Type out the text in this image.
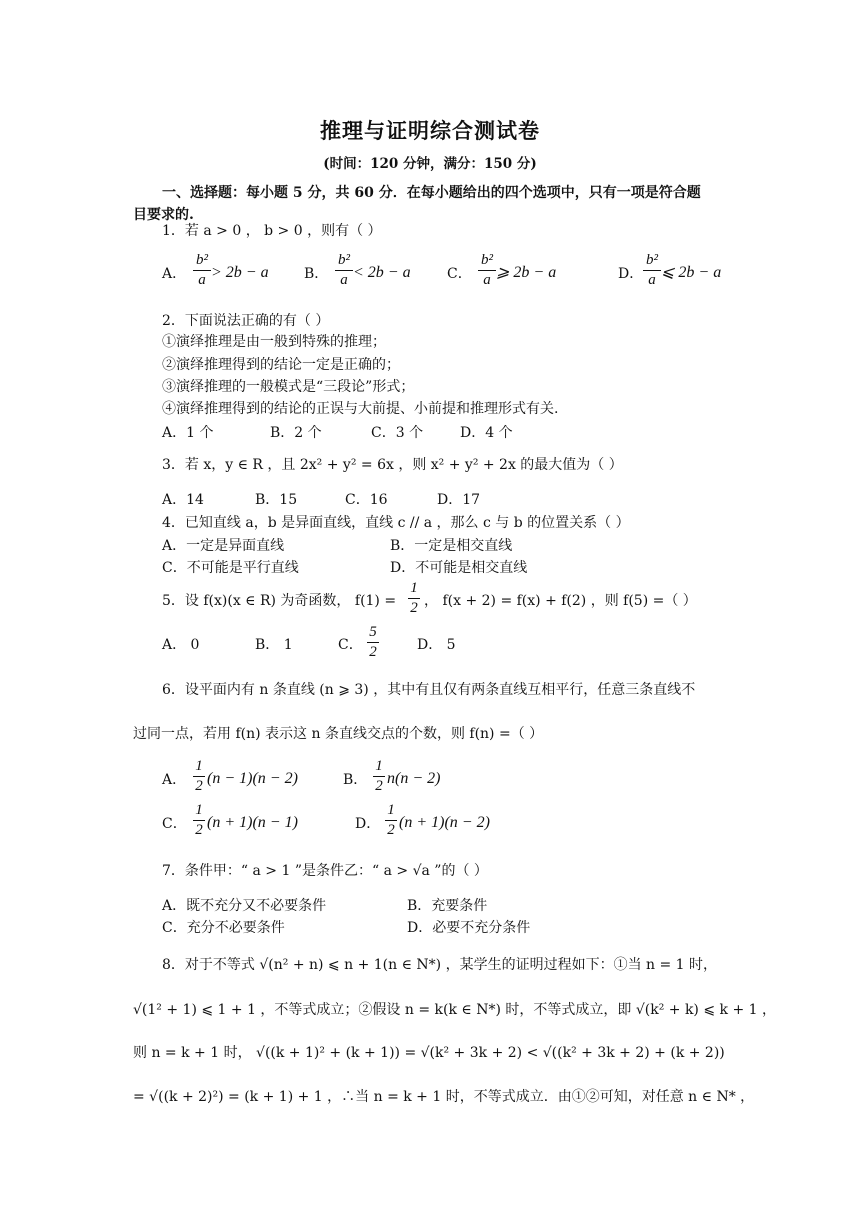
推理与证明综合测试卷
(时间：120 分钟，满分：150 分)
一、选择题：每小题 5 分，共 60 分．在每小题给出的四个选项中，只有一项是符合题
目要求的.
1．若 a > 0 ， b > 0 ，则有（ ）
A．
b²
a > 2b − a	B．
b²
a < 2b − a	C．
b²
a ⩾ 2b − a	D．
b²
a ⩽ 2b − a
2．下面说法正确的有（ ）
①演绎推理是由一般到特殊的推理；
②演绎推理得到的结论一定是正确的；
③演绎推理的一般模式是“三段论”形式；
④演绎推理得到的结论的正误与大前提、小前提和推理形式有关.
A．1 个	B．2 个	C．3 个	D．4 个
3．若 x，y ∈ R ，且 2x² + y² = 6x ，则 x² + y² + 2x 的最大值为（ ）
A．14	B．15	C．16	D．17
4．已知直线 a，b 是异面直线，直线 c // a ，那么 c 与 b 的位置关系（ ）
A．一定是异面直线	B．一定是相交直线
C．不可能是平行直线	D．不可能是相交直线
5．设 f(x)(x ∈ R) 为奇函数， f(1) =
1
2 ， f(x + 2) = f(x) + f(2) ，则 f(5) =（ ）
A． 0	B． 1	C．
5
2	D． 5
6．设平面内有 n 条直线 (n ⩾ 3) ，其中有且仅有两条直线互相平行，任意三条直线不
过同一点，若用 f(n) 表示这 n 条直线交点的个数，则 f(n) =（ ）
A．
1
2 (n − 1)(n − 2)	B．
1
2 n(n − 2)
C．
1
2 (n + 1)(n − 1)	D．
1
2 (n + 1)(n − 2)
7．条件甲：“ a > 1 ”是条件乙：“ a > √a ”的（ ）
A．既不充分又不必要条件	B．充要条件
C．充分不必要条件	D．必要不充分条件
8．对于不等式 √(n² + n) ⩽ n + 1(n ∈ N*) ，某学生的证明过程如下：①当 n = 1 时，
√(1² + 1) ⩽ 1 + 1 ，不等式成立；②假设 n = k(k ∈ N*) 时，不等式成立，即 √(k² + k) ⩽ k + 1 ，
则 n = k + 1 时， √((k + 1)² + (k + 1)) = √(k² + 3k + 2) < √((k² + 3k + 2) + (k + 2))
= √((k + 2)²) = (k + 1) + 1 ，∴当 n = k + 1 时，不等式成立．由①②可知，对任意 n ∈ N* ，
